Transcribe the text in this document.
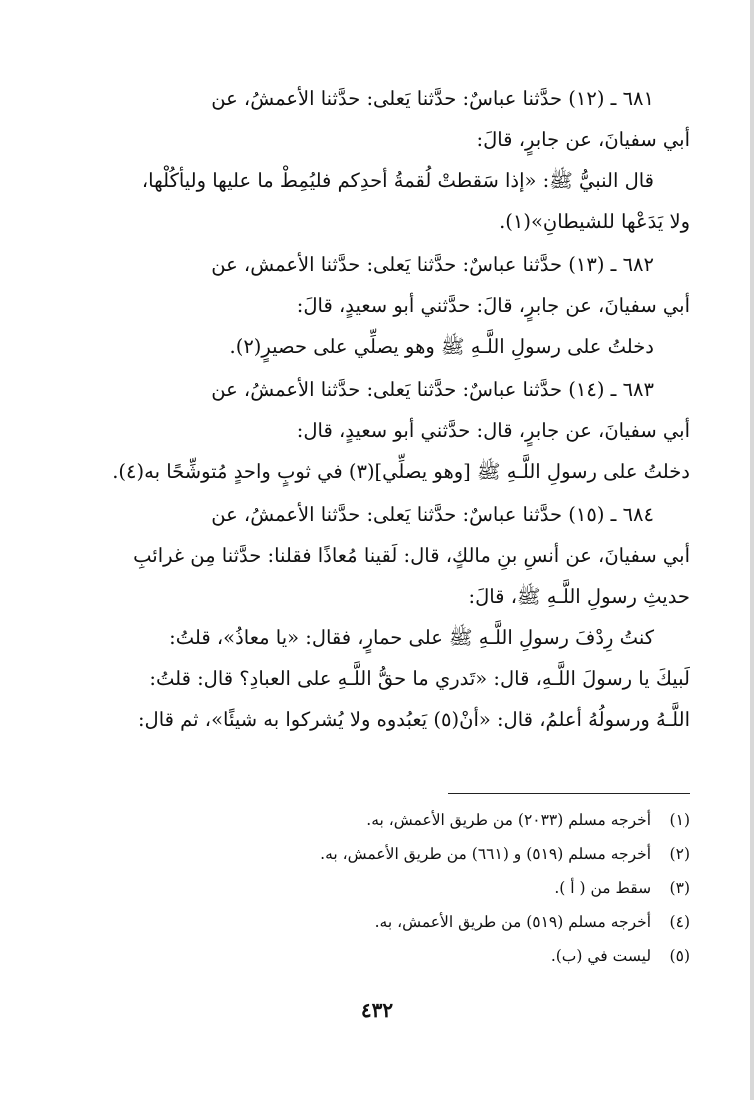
٦٨١ ـ (١٢) حدَّثنا عباسٌ: حدَّثنا يَعلى: حدَّثنا الأعمشُ، عن
أبي سفيانَ، عن جابرٍ، قالَ:

قال النبيُّ ﷺ: «إذا سَقطتْ لُقمةُ أحدِكم فليُمِطْ ما عليها وليأكُلْها،
ولا يَدَعْها للشيطانِ»(١).

٦٨٢ ـ (١٣) حدَّثنا عباسٌ: حدَّثنا يَعلى: حدَّثنا الأعمش، عن
أبي سفيانَ، عن جابرٍ، قالَ: حدَّثني أبو سعيدٍ، قالَ:

دخلتُ على رسولِ اللَّـهِ ﷺ وهو يصلِّي على حصيرٍ(٢).

٦٨٣ ـ (١٤) حدَّثنا عباسٌ: حدَّثنا يَعلى: حدَّثنا الأعمشُ، عن
أبي سفيانَ، عن جابرٍ، قال: حدَّثني أبو سعيدٍ، قال:

دخلتُ على رسولِ اللَّـهِ ﷺ [وهو يصلِّي](٣) في ثوبٍ واحدٍ مُتوشِّحًا به(٤).

٦٨٤ ـ (١٥) حدَّثنا عباسٌ: حدَّثنا يَعلى: حدَّثنا الأعمشُ، عن
أبي سفيانَ، عن أنسِ بنِ مالكٍ، قال: لَقينا مُعاذًا فقلنا: حدَّثنا مِن غرائبِ
حديثِ رسولِ اللَّـهِ ﷺ، قالَ:

كنتُ رِدْفَ رسولِ اللَّـهِ ﷺ على حمارٍ، فقال: «يا معاذُ»، قلتُ:
لَبيكَ يا رسولَ اللَّـهِ، قال: «تَدري ما حقُّ اللَّـهِ على العبادِ؟ قال: قلتُ:
اللَّـهُ ورسولُهُ أعلمُ، قال: «أنْ(٥) يَعبُدوه ولا يُشركوا به شيئًا»، ثم قال:

(١) أخرجه مسلم (٢٠٣٣) من طريق الأعمش، به.
(٢) أخرجه مسلم (٥١٩) و (٦٦١) من طريق الأعمش، به.
(٣) سقط من ( أ ).
(٤) أخرجه مسلم (٥١٩) من طريق الأعمش، به.
(٥) ليست في (ب).
٤٣٢
